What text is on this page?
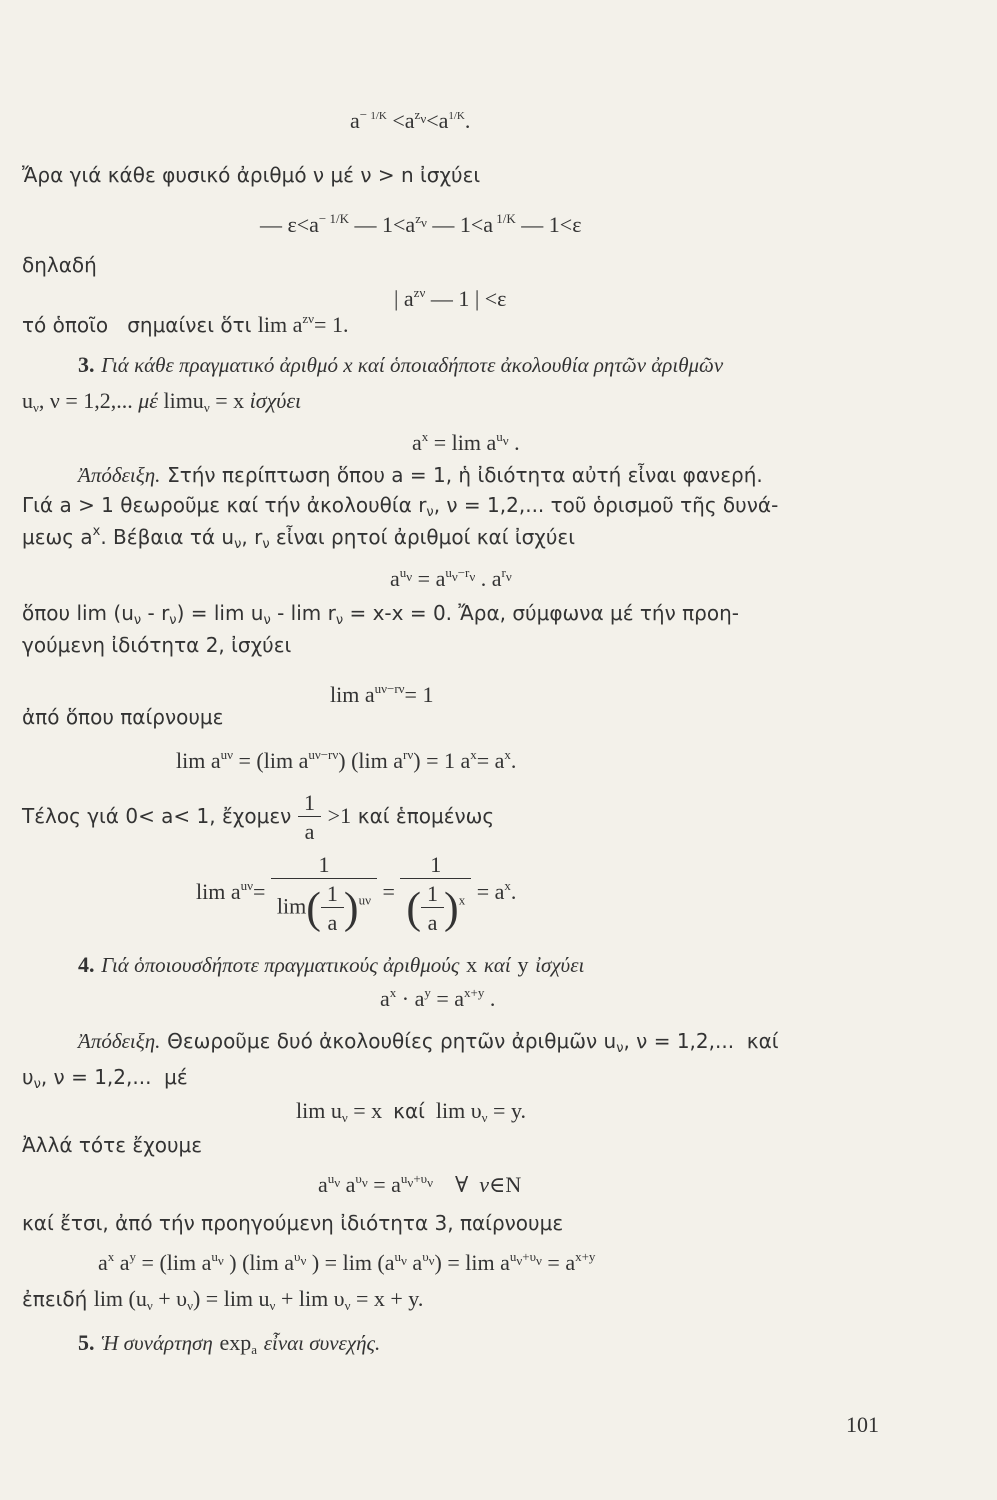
$a^{- 1/K} <a^{z_\nu}<a^{1/K}$.
Ἄρα γιά κάθε φυσικό ἀριθμό ν μέ ν > n ἰσχύει
— $\varepsilon<a^{- 1/K}$ — $1<a^{z_\nu}$ — 1<a $^{1/K}$ — 1<ε
δηλαδή
| $a^{z\nu}$ — 1 | <ε
τό ὁποῖο   σημαίνει ὅτι $\lim a^{z\nu}= 1$.
3. Γιά κάθε πραγματικό ἀριθμό x καί ὁποιαδήποτε ἀκολουθία ρητῶν ἀριθμῶν
$u_\nu$, ν = 1,2,... μέ limu$_\nu$ = x ἰσχύει
$a^x = \lim a^{u_\nu}$ .
Ἀπόδειξη. Στήν περίπτωση ὅπου a = 1, ἡ ἰδιότητα αὐτή εἶναι φανερή.
Γιά a > 1 θεωροῦμε καί τήν ἀκολουθία $r_\nu$, ν = 1,2,... τοῦ ὁρισμοῦ τῆς δυνά-
μεως $a^x$. Βέβαια τά $u_\nu$, $r_\nu$ εἶναι ρητοί ἀριθμοί καί ἰσχύει
$a^{u_\nu} = a^{u_\nu-r_\nu}$ . $a^{r_\nu}$
ὅπου $\lim (u_\nu - r_\nu) = \lim u_\nu - \lim r_\nu = x-x = 0$. Ἄρα, σύμφωνα μέ τήν προη-
γούμενη ἰδιότητα 2, ἰσχύει
$\lim a^{u\nu-r\nu}= 1$
ἀπό ὅπου παίρνουμε
$\lim a^{u\nu} = (\lim$ $a^{u\nu-r\nu}$) (lim $a^{r\nu}) = 1$ $a^x= a^x$.
Τέλος γιά 0< a< 1, ἔχομεν $\frac{1}{a} >1$ καί ἑπομένως
$\lim a^{u\nu}= \frac{1}{\lim( \frac{1}{a} )^{u\nu}} = \frac{1}{( \frac{1}{a} )^x} = a^x$.
4. Γιά ὁποιουσδήποτε πραγματικούς ἀριθμούς x καί y ἰσχύει
$a^x \cdot a^y = a^{x+y}$ .
Ἀπόδειξη. Θεωροῦμε δυό ἀκολουθίες ρητῶν ἀριθμῶν $u_\nu$, ν = 1,2,...  καί
$\upsilon_\nu$, ν = 1,2,...  μέ
$\lim u_\nu = x$  καί  $\lim \upsilon_\nu = y$.
Ἀλλά τότε ἔχουμε
$a^{u_\nu}$ $a^{\upsilon_\nu} = a^{u_\nu+\upsilon_\nu}$    ∀  ν∈N
καί ἔτσι, ἀπό τήν προηγούμενη ἰδιότητα 3, παίρνουμε
$a^x$ $a^y = (\lim$ $a^{u_\nu}$ ) (lim $a^{\upsilon_\nu}$ ) = $\lim (a^{u_\nu}$ $a^{\upsilon_\nu}) = \lim a^{u_\nu+\upsilon_\nu} = a^{x+y}$
ἐπειδή $\lim (u_\nu + \upsilon_\nu) = \lim u_\nu + \lim \upsilon_\nu = x + y$.
5. Ἡ συνάρτηση $\exp_a$ εἶναι συνεχής.
101
